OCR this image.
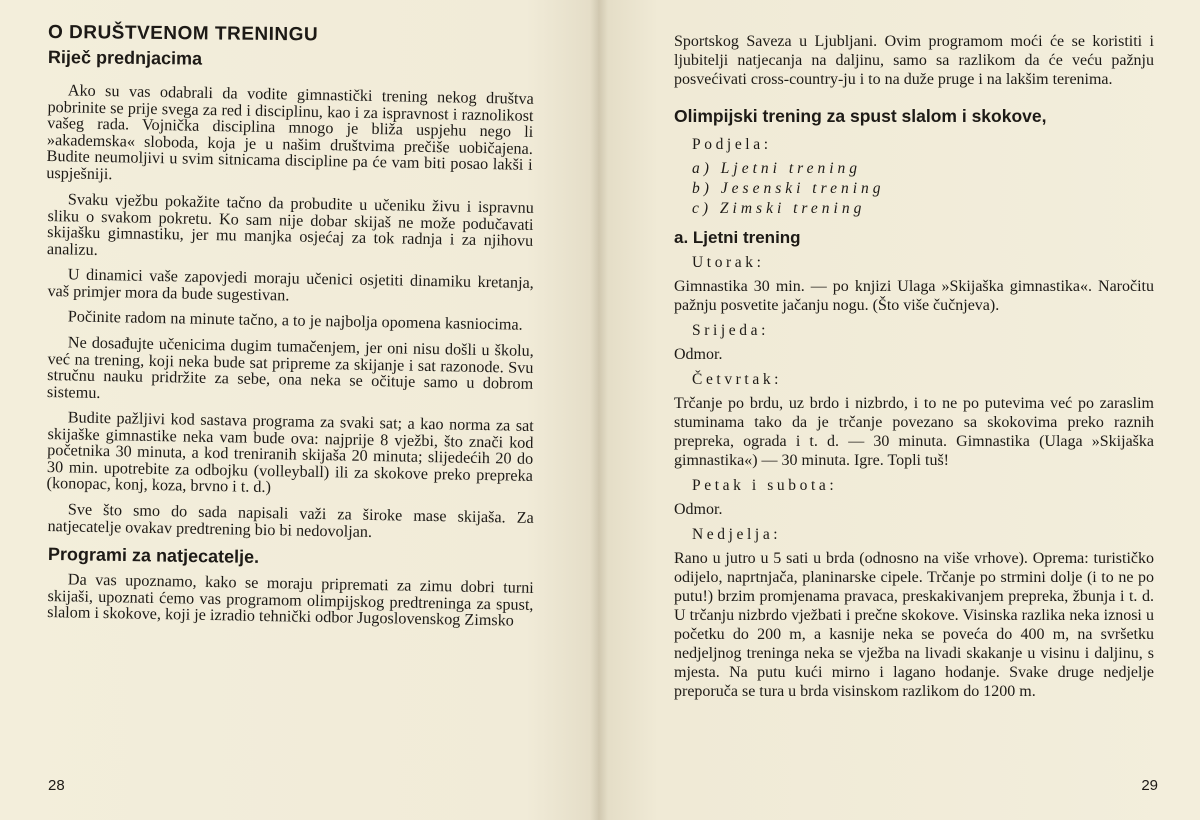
O DRUŠTVENOM TRENINGU
Riječ prednjacima

Ako su vas odabrali da vodite gimnastički trening nekog društva pobrinite se prije svega za red i disciplinu, kao i za ispravnost i raznolikost vašeg rada. Vojnička disciplina mnogo je bliža uspjehu nego li »akademska« sloboda, koja je u našim društvima prečiše uobičajena. Budite neumoljivi u svim sitnicama discipline pa će vam biti posao lakši i uspješniji.

Svaku vježbu pokažite tačno da probudite u učeniku živu i ispravnu sliku o svakom pokretu. Ko sam nije dobar skijaš ne može podučavati skijašku gimnastiku, jer mu manjka osjećaj za tok radnja i za njihovu analizu.

U dinamici vaše zapovjedi moraju učenici osjetiti dinamiku kretanja, vaš primjer mora da bude sugestivan.

Počinite radom na minute tačno, a to je najbolja opomena kasniocima.

Ne dosađujte učenicima dugim tumačenjem, jer oni nisu došli u školu, već na trening, koji neka bude sat pripreme za skijanje i sat razonode. Svu stručnu nauku pridržite za sebe, ona neka se očituje samo u dobrom sistemu.

Budite pažljivi kod sastava programa za svaki sat; a kao norma za sat skijaške gimnastike neka vam bude ova: najprije 8 vježbi, što znači kod početnika 30 minuta, a kod treniranih skijaša 20 minuta; slijedećih 20 do 30 min. upotrebite za odbojku (volleyball) ili za skokove preko prepreka (konopac, konj, koza, brvno i t. d.)

Sve što smo do sada napisali važi za široke mase skijaša. Za natjecatelje ovakav predtrening bio bi nedovoljan.

Programi za natjecatelje.

Da vas upoznamo, kako se moraju pripremati za zimu dobri turni skijaši, upoznati ćemo vas programom olimpijskog predtreninga za spust, slalom i skokove, koji je izradio tehnički odbor Jugoslovenskog Zimsko

28

Sportskog Saveza u Ljubljani. Ovim programom moći će se koristiti i ljubitelji natjecanja na daljinu, samo sa razlikom da će veću pažnju posvećivati cross-country-ju i to na duže pruge i na lakšim terenima.

Olimpijski trening za spust slalom i skokove,
Podjela:
a) Ljetni trening
b) Jesenski trening
c) Zimski trening
a. Ljetni trening
Utorak:

Gimnastika 30 min. — po knjizi Ulaga »Skijaška gimnastika«. Naročitu pažnju posvetite jačanju nogu. (Što više čučnjeva).

Srijeda:

Odmor.

Četvrtak:

Trčanje po brdu, uz brdo i nizbrdo, i to ne po putevima već po zaraslim stuminama tako da je trčanje povezano sa skokovima preko raznih prepreka, ograda i t. d. — 30 minuta. Gimnastika (Ulaga »Skijaška gimnastika«) — 30 minuta. Igre. Topli tuš!

Petak i subota:

Odmor.

Nedjelja:

Rano u jutro u 5 sati u brda (odnosno na više vrhove). Oprema: turističko odijelo, naprtnjača, planinarske cipele. Trčanje po strmini dolje (i to ne po putu!) brzim promjenama pravaca, preskakivanjem prepreka, žbunja i t. d. U trčanju nizbrdo vježbati i prečne skokove. Visinska razlika neka iznosi u početku do 200 m, a kasnije neka se poveća do 400 m, na svršetku nedjeljnog treninga neka se vježba na livadi skakanje u visinu i daljinu, s mjesta. Na putu kući mirno i lagano hodanje. Svake druge nedjelje preporuča se tura u brda visinskom razlikom do 1200 m.

29
